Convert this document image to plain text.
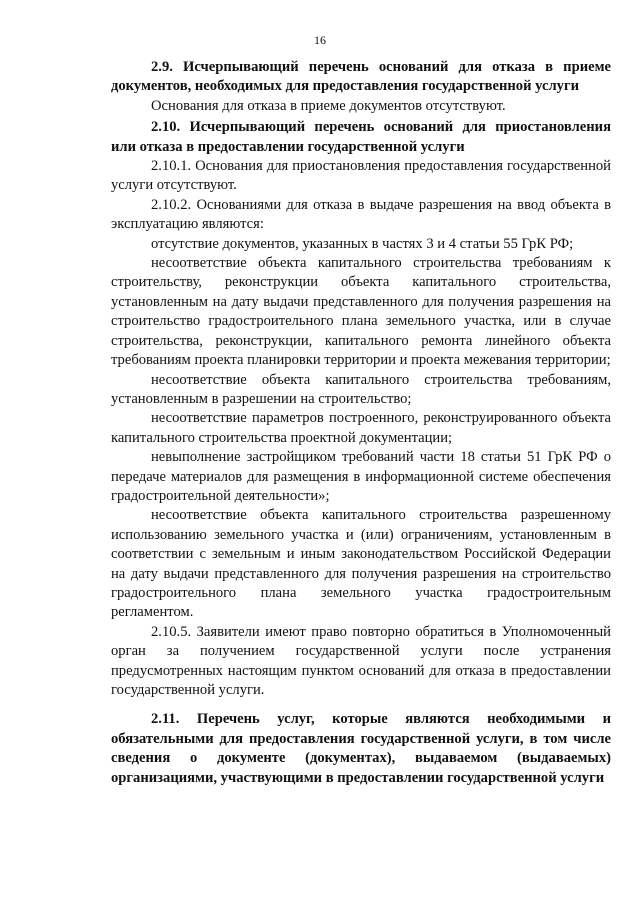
16

2.9. Исчерпывающий перечень оснований для отказа в приеме документов, необходимых для предоставления государственной услуги

Основания для отказа в приеме документов отсутствуют.

2.10. Исчерпывающий перечень оснований для приостановления или отказа в предоставлении государственной услуги

2.10.1. Основания для приостановления предоставления государственной услуги отсутствуют.

2.10.2. Основаниями для отказа в выдаче разрешения на ввод объекта в эксплуатацию являются:

отсутствие документов, указанных в частях 3 и 4 статьи 55 ГрК РФ;

несоответствие объекта капитального строительства требованиям к строительству, реконструкции объекта капитального строительства, установленным на дату выдачи представленного для получения разрешения на строительство градостроительного плана земельного участка, или в случае строительства, реконструкции, капитального ремонта линейного объекта требованиям проекта планировки территории и проекта межевания территории;

несоответствие объекта капитального строительства требованиям, установленным в разрешении на строительство;

несоответствие параметров построенного, реконструированного объекта капитального строительства проектной документации;

невыполнение застройщиком требований части 18 статьи 51 ГрК РФ о передаче материалов для размещения в информационной системе обеспечения градостроительной деятельности»;

несоответствие объекта капитального строительства разрешенному использованию земельного участка и (или) ограничениям, установленным в соответствии с земельным и иным законодательством Российской Федерации на дату выдачи представленного для получения разрешения на строительство градостроительного плана земельного участка градостроительным регламентом.

2.10.5. Заявители имеют право повторно обратиться в Уполномоченный орган за получением государственной услуги после устранения предусмотренных настоящим пунктом оснований для отказа в предоставлении государственной услуги.

2.11. Перечень услуг, которые являются необходимыми и обязательными для предоставления государственной услуги, в том числе сведения о документе (документах), выдаваемом (выдаваемых) организациями, участвующими в предоставлении государственной услуги
